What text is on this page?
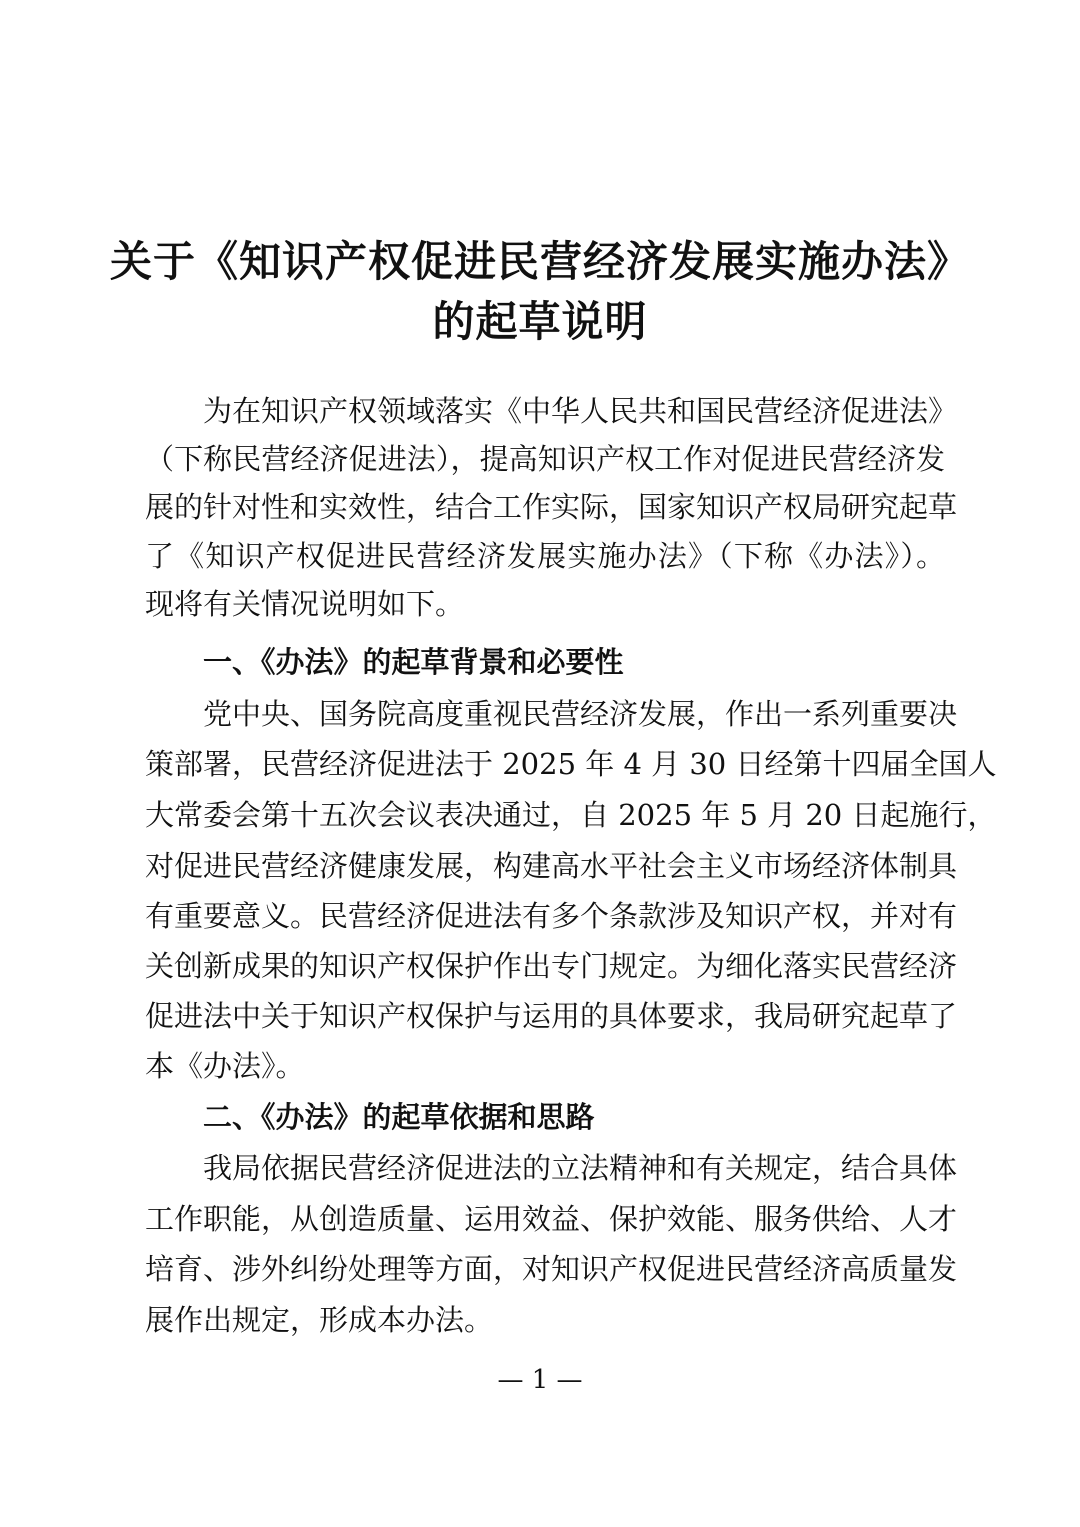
关于《知识产权促进民营经济发展实施办法》
的起草说明
为在知识产权领域落实《中华人民共和国民营经济促进法》
（下称民营经济促进法），提高知识产权工作对促进民营经济发
展的针对性和实效性，结合工作实际，国家知识产权局研究起草
了《知识产权促进民营经济发展实施办法》（下称《办法》）。
现将有关情况说明如下。
一、《办法》的起草背景和必要性
党中央、国务院高度重视民营经济发展，作出一系列重要决
策部署，民营经济促进法于 2025 年 4 月 30 日经第十四届全国人
大常委会第十五次会议表决通过，自 2025 年 5 月 20 日起施行，
对促进民营经济健康发展，构建高水平社会主义市场经济体制具
有重要意义。民营经济促进法有多个条款涉及知识产权，并对有
关创新成果的知识产权保护作出专门规定。为细化落实民营经济
促进法中关于知识产权保护与运用的具体要求，我局研究起草了
本《办法》。
二、《办法》的起草依据和思路
我局依据民营经济促进法的立法精神和有关规定，结合具体
工作职能，从创造质量、运用效益、保护效能、服务供给、人才
培育、涉外纠纷处理等方面，对知识产权促进民营经济高质量发
展作出规定，形成本办法。
— 1 —
